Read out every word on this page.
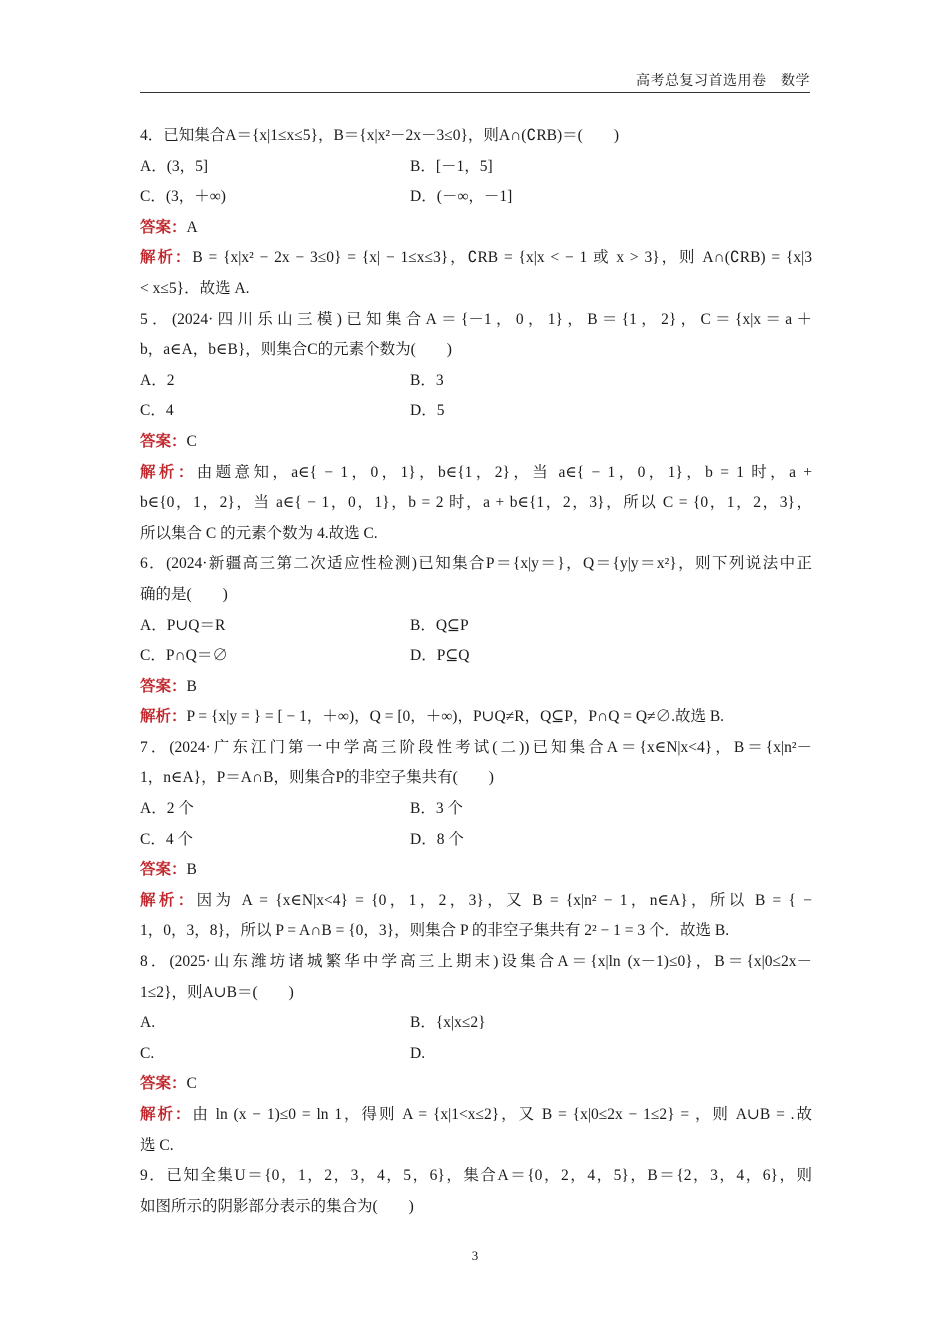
高考总复习首选用卷　数学
4．已知集合A＝{x|1≤x≤5}，B＝{x|x²－2x－3≤0}，则A∩(∁RB)＝(　　)
A．(3，5]	B．[－1，5]
C．(3，＋∞)	D．(－∞，－1]
答案：A
解析：B = {x|x² − 2x − 3≤0} = {x| − 1≤x≤3}，∁RB = {x|x < − 1 或 x > 3}，则 A∩(∁RB) = {x|3
< x≤5}．故选 A.
5．(2024·四川乐山三模)已知集合A＝{－1，0，1}，B＝{1，2}，C＝{x|x＝a＋
b，a∈A，b∈B}，则集合C的元素个数为(　　)
A．2	B．3
C．4	D．5
答案：C
解析：由题意知，a∈{ − 1，0，1}，b∈{1，2}，当 a∈{ − 1，0，1}，b = 1 时，a +
b∈{0，1，2}，当 a∈{ − 1，0，1}，b = 2 时，a + b∈{1，2，3}，所以 C = {0，1，2，3}，
所以集合 C 的元素个数为 4.故选 C.
6．(2024·新疆高三第二次适应性检测)已知集合P＝{x|y＝}，Q＝{y|y＝x²}，则下列说法中正
确的是(　　)
A．P∪Q＝R	B．Q⊆P
C．P∩Q＝∅	D．P⊆Q
答案：B
解析：P = {x|y = } = [ − 1，＋∞)，Q = [0，＋∞)，P∪Q≠R，Q⊆P，P∩Q = Q≠∅.故选 B.
7．(2024·广东江门第一中学高三阶段性考试(二))已知集合A＝{x∈N|x<4}，B＝{x|n²－
1，n∈A}，P＝A∩B，则集合P的非空子集共有(　　)
A．2 个	B．3 个
C．4 个	D．8 个
答案：B
解析：因为 A = {x∈N|x<4} = {0，1，2，3}，又 B = {x|n² − 1，n∈A}，所以 B = { −
1，0，3，8}，所以 P = A∩B = {0，3}，则集合 P 的非空子集共有 2² − 1 = 3 个．故选 B.
8．(2025·山东潍坊诸城繁华中学高三上期末)设集合A＝{x|ln (x－1)≤0}，B＝{x|0≤2x－
1≤2}，则A∪B＝(　　)
A.	B．{x|x≤2}
C.	D.
答案：C
解析：由 ln (x − 1)≤0 = ln 1，得则 A = {x|1<x≤2}，又 B = {x|0≤2x − 1≤2} = ，则 A∪B = .故
选 C.
9．已知全集U＝{0，1，2，3，4，5，6}，集合A＝{0，2，4，5}，B＝{2，3，4，6}，则
如图所示的阴影部分表示的集合为(　　)
3
